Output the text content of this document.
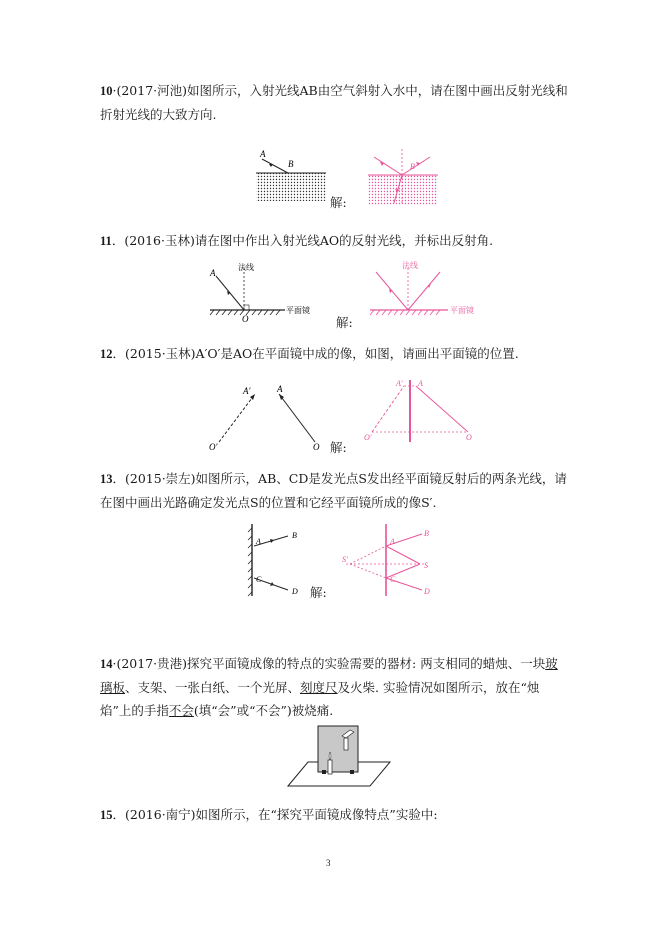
10·(2017·河池)如图所示，入射光线AB由空气斜射入水中，请在图中画出反射光线和折射光线的大致方向.
A
B
解:
B
11．(2016·玉林)请在图中作出入射光线AO的反射光线，并标出反射角.
A
法线
O
平面镜
解:
法线
平面镜
12．(2015·玉林)A′O′是AO在平面镜中成的像，如图，请画出平面镜的位置.
A′
O′
A
O 解:
A′ A
O′	O
13．(2015·崇左)如图所示，AB、CD是发光点S发出经平面镜反射后的两条光线，请在图中画出光路确定发光点S的位置和它经平面镜所成的像S′.
A
B
C
D 解:
S′
S
B
D
A
C
14·(2017·贵港)探究平面镜成像的特点的实验需要的器材: 两支相同的蜡烛、一块玻璃板、支架、一张白纸、一个光屏、刻度尺及火柴. 实验情况如图所示，放在“烛焰”上的手指不会(填“会”或“不会”)被烧痛.
15．(2016·南宁)如图所示，在“探究平面镜成像特点”实验中:
3
